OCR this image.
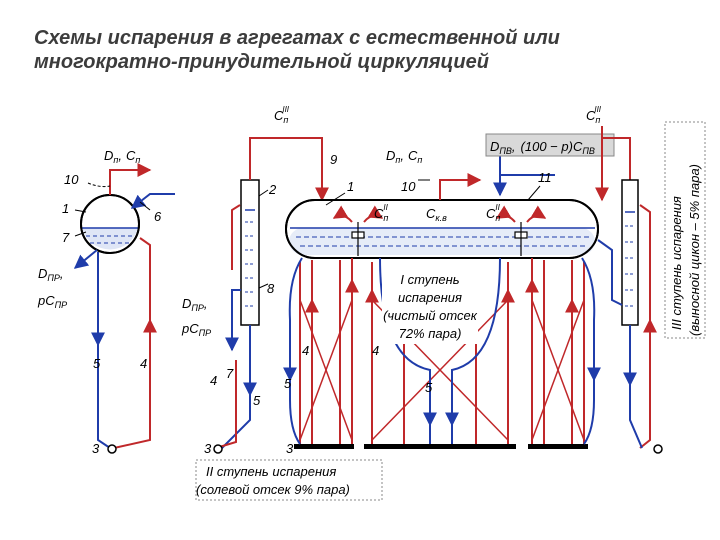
Схемы испарения в агрегатах с естественной или
многократно-принудительной циркуляцией
10
1
7
6
5	4
3
$D_п$, $C_п$
$D_{ПР}$,
$pC_{ПР}$
2
8
7
4
5
3
9
$C_пIII$
$D_{ПР}$,
$pC_{ПР}$
1	10
11
$D_п$, $C_п$
$C_пII$	$C_{к.в}$	$C_пII$
$D_{ПВ}$, $(100 - p)C_{ПВ}$
$C_пIII$
4	4
5	5
3
I ступень
испарения
(чистый отсек
72% пара)
II ступень испарения
(солевой отсек 9% пара)
III ступень испарения (выносной цикон – 5% пара)
